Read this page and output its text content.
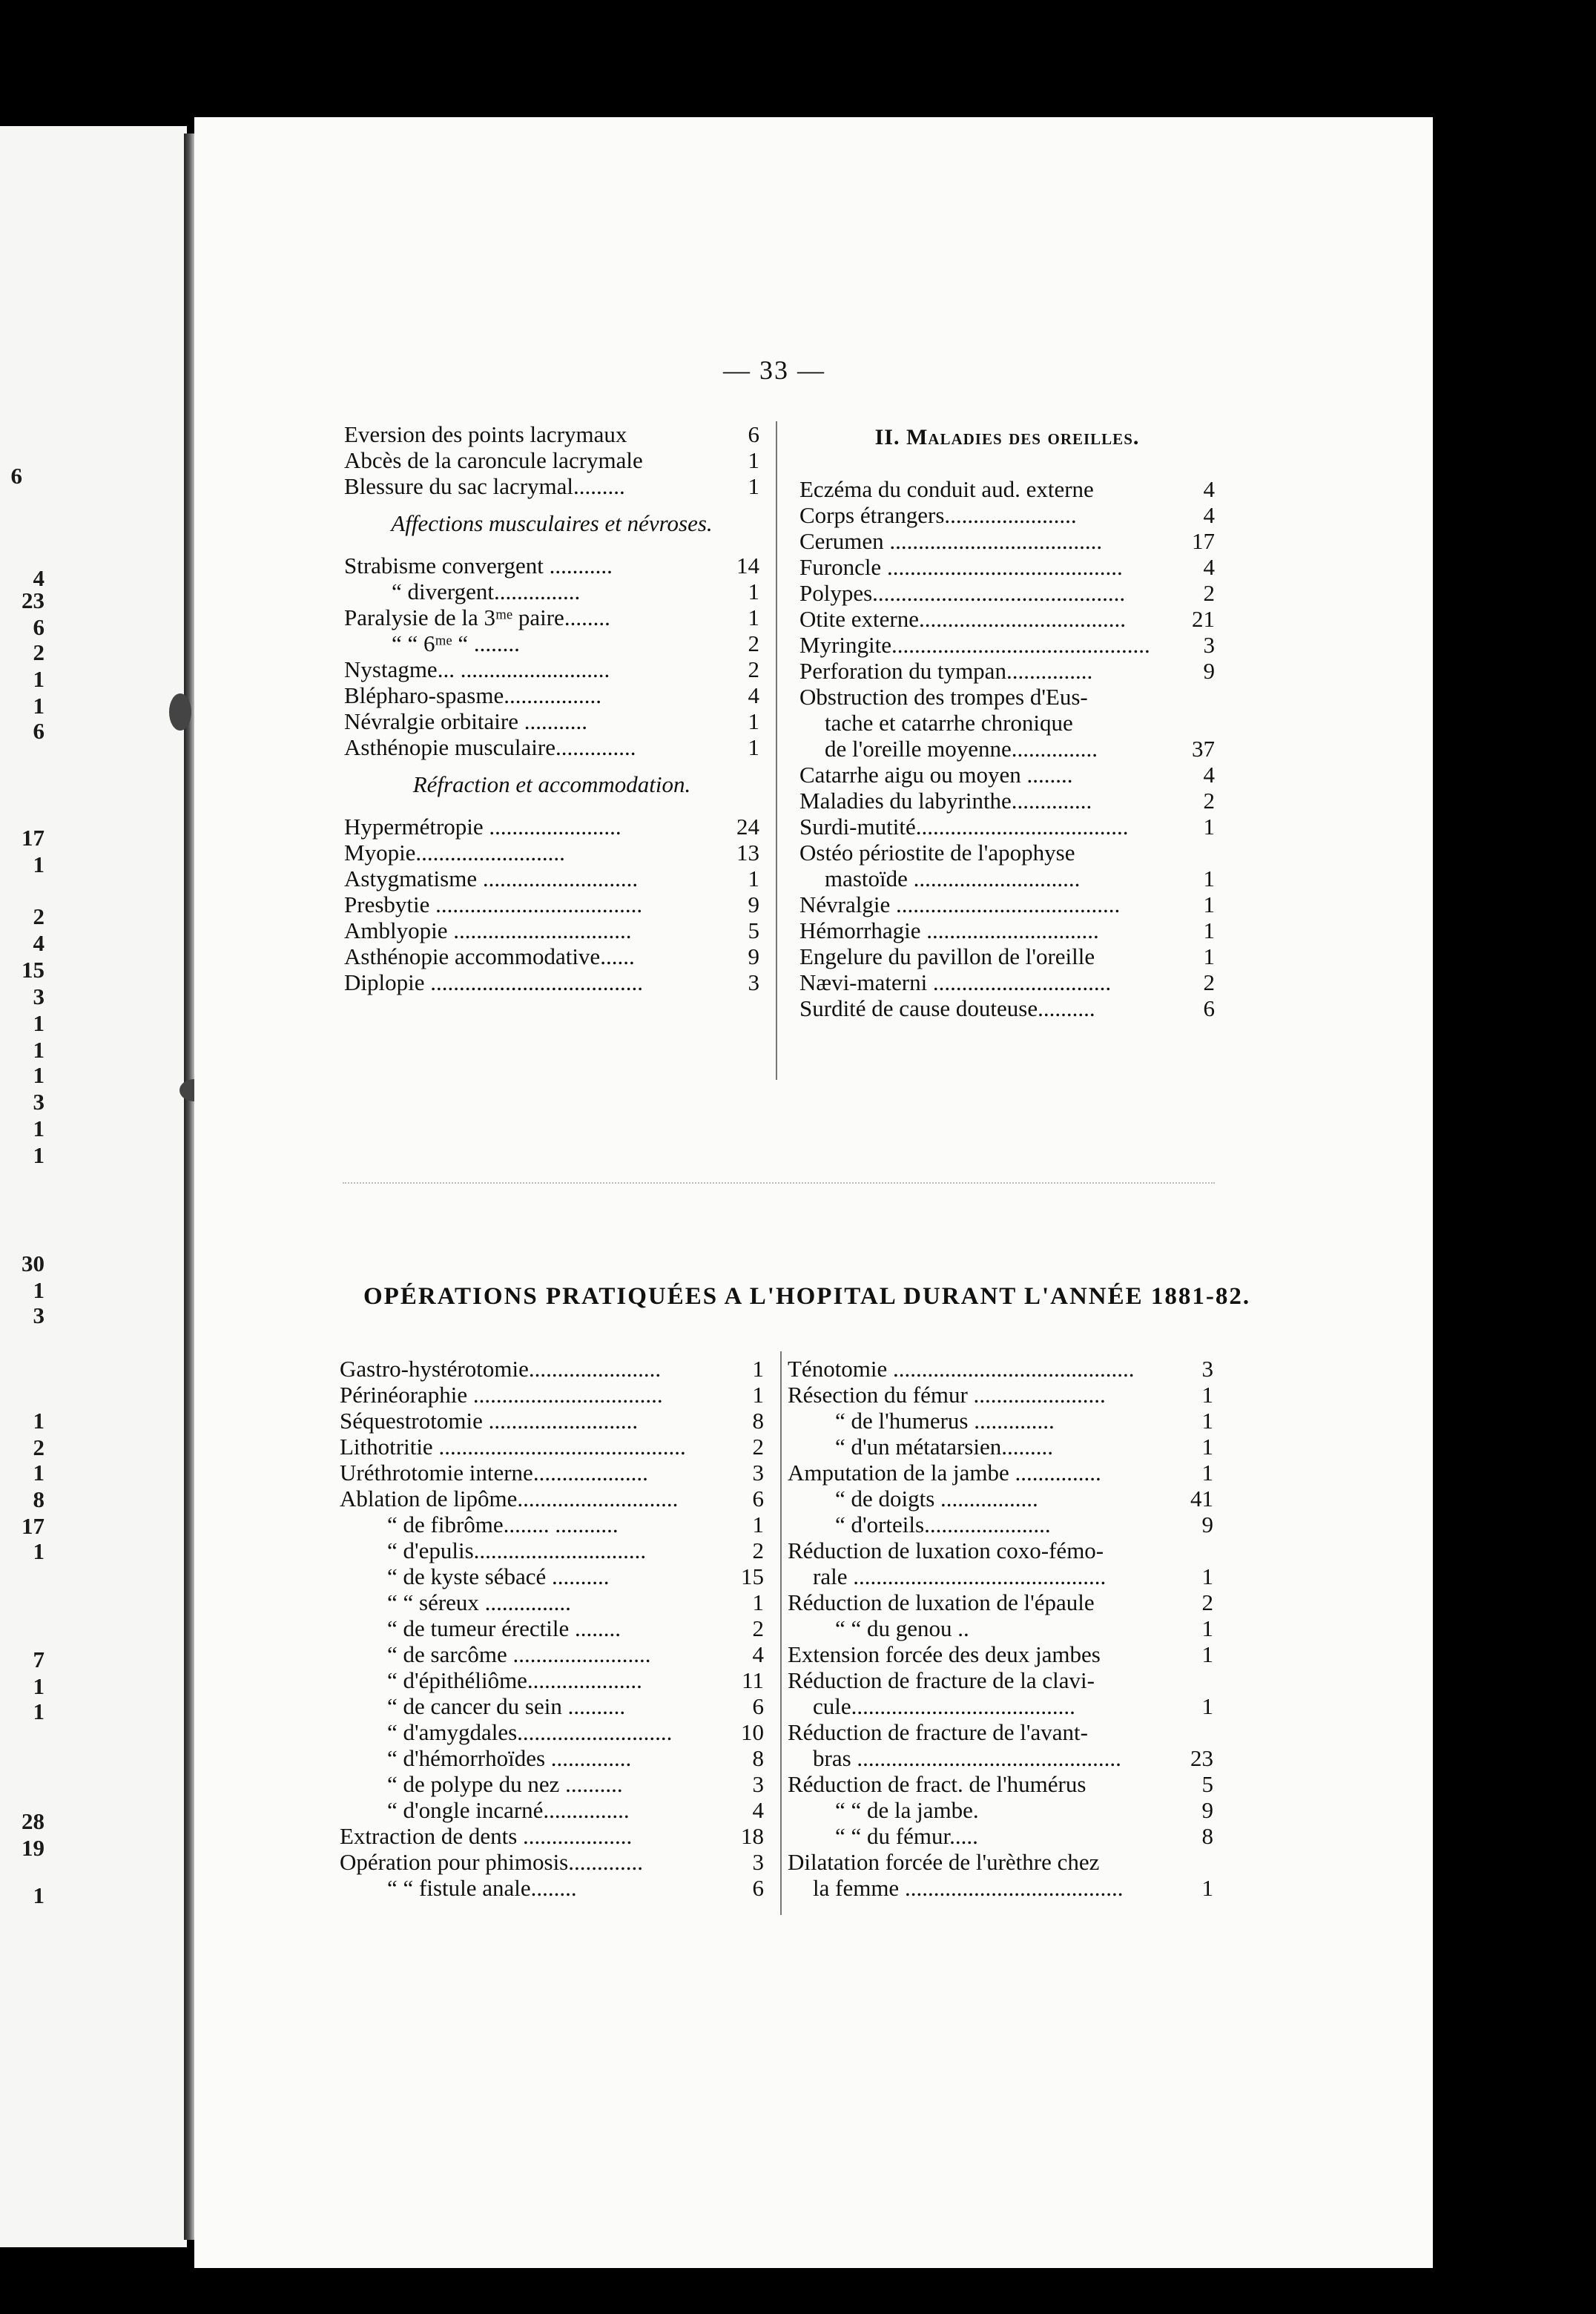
6
4
23
6
2
1
1
6
17
1
2
4
15
3
1
1
1
3
1
1
30
1
3
1
2
1
8
17
1
7
1
1
28
19
1
— 33 —
Eversion des points lacrymaux	6
Abcès de la caroncule lacrymale	1
Blessure du sac lacrymal.........	1
Affections musculaires et névroses.
Strabisme convergent ...........	14
“ divergent...............	1
Paralysie de la 3ᵐᵉ paire........	1
“ “ 6ᵐᵉ “ ........	2
Nystagme... ..........................	2
Blépharo-spasme.................	4
Névralgie orbitaire ...........	1
Asthénopie musculaire..............	1
Réfraction et accommodation.
Hypermétropie .......................	24
Myopie..........................	13
Astygmatisme ...........................	1
Presbytie ....................................	9
Amblyopie ...............................	5
Asthénopie accommodative......	9
Diplopie .....................................	3
II. Maladies des oreilles.
Eczéma du conduit aud. externe	4
Corps étrangers.......................	4
Cerumen .....................................	17
Furoncle .........................................	4
Polypes............................................	2
Otite externe....................................	21
Myringite.............................................	3
Perforation du tympan...............	9
Obstruction des trompes d'Eus-
tache et catarrhe chronique
de l'oreille moyenne...............	37
Catarrhe aigu ou moyen ........	4
Maladies du labyrinthe..............	2
Surdi-mutité.....................................	1
Ostéo périostite de l'apophyse
mastoïde .............................	1
Névralgie .......................................	1
Hémorrhagie ..............................	1
Engelure du pavillon de l'oreille	1
Nævi-materni ...............................	2
Surdité de cause douteuse..........	6
OPÉRATIONS PRATIQUÉES A L'HOPITAL DURANT L'ANNÉE 1881-82.
Gastro-hystérotomie.......................	1
Périnéoraphie .................................	1
Séquestrotomie ..........................	8
Lithotritie ...........................................	2
Uréthrotomie interne....................	3
Ablation de lipôme............................	6
“ de fibrôme........ ...........	1
“ d'epulis..............................	2
“ de kyste sébacé ..........	15
“ “ séreux ...............	1
“ de tumeur érectile ........	2
“ de sarcôme ........................	4
“ d'épithéliôme....................	11
“ de cancer du sein ..........	6
“ d'amygdales...........................	10
“ d'hémorrhoïdes ..............	8
“ de polype du nez ..........	3
“ d'ongle incarné...............	4
Extraction de dents ...................	18
Opération pour phimosis.............	3
“ “ fistule anale........	6
Ténotomie ..........................................	3
Résection du fémur .......................	1
“ de l'humerus ..............	1
“ d'un métatarsien.........	1
Amputation de la jambe ...............	1
“ de doigts .................	41
“ d'orteils......................	9
Réduction de luxation coxo-fémo-
rale ............................................	1
Réduction de luxation de l'épaule	2
“ “ du genou ..	1
Extension forcée des deux jambes	1
Réduction de fracture de la clavi-
cule.......................................	1
Réduction de fracture de l'avant-
bras ..............................................	23
Réduction de fract. de l'humérus	5
“ “ de la jambe.	9
“ “ du fémur.....	8
Dilatation forcée de l'urèthre chez
la femme ......................................	1
